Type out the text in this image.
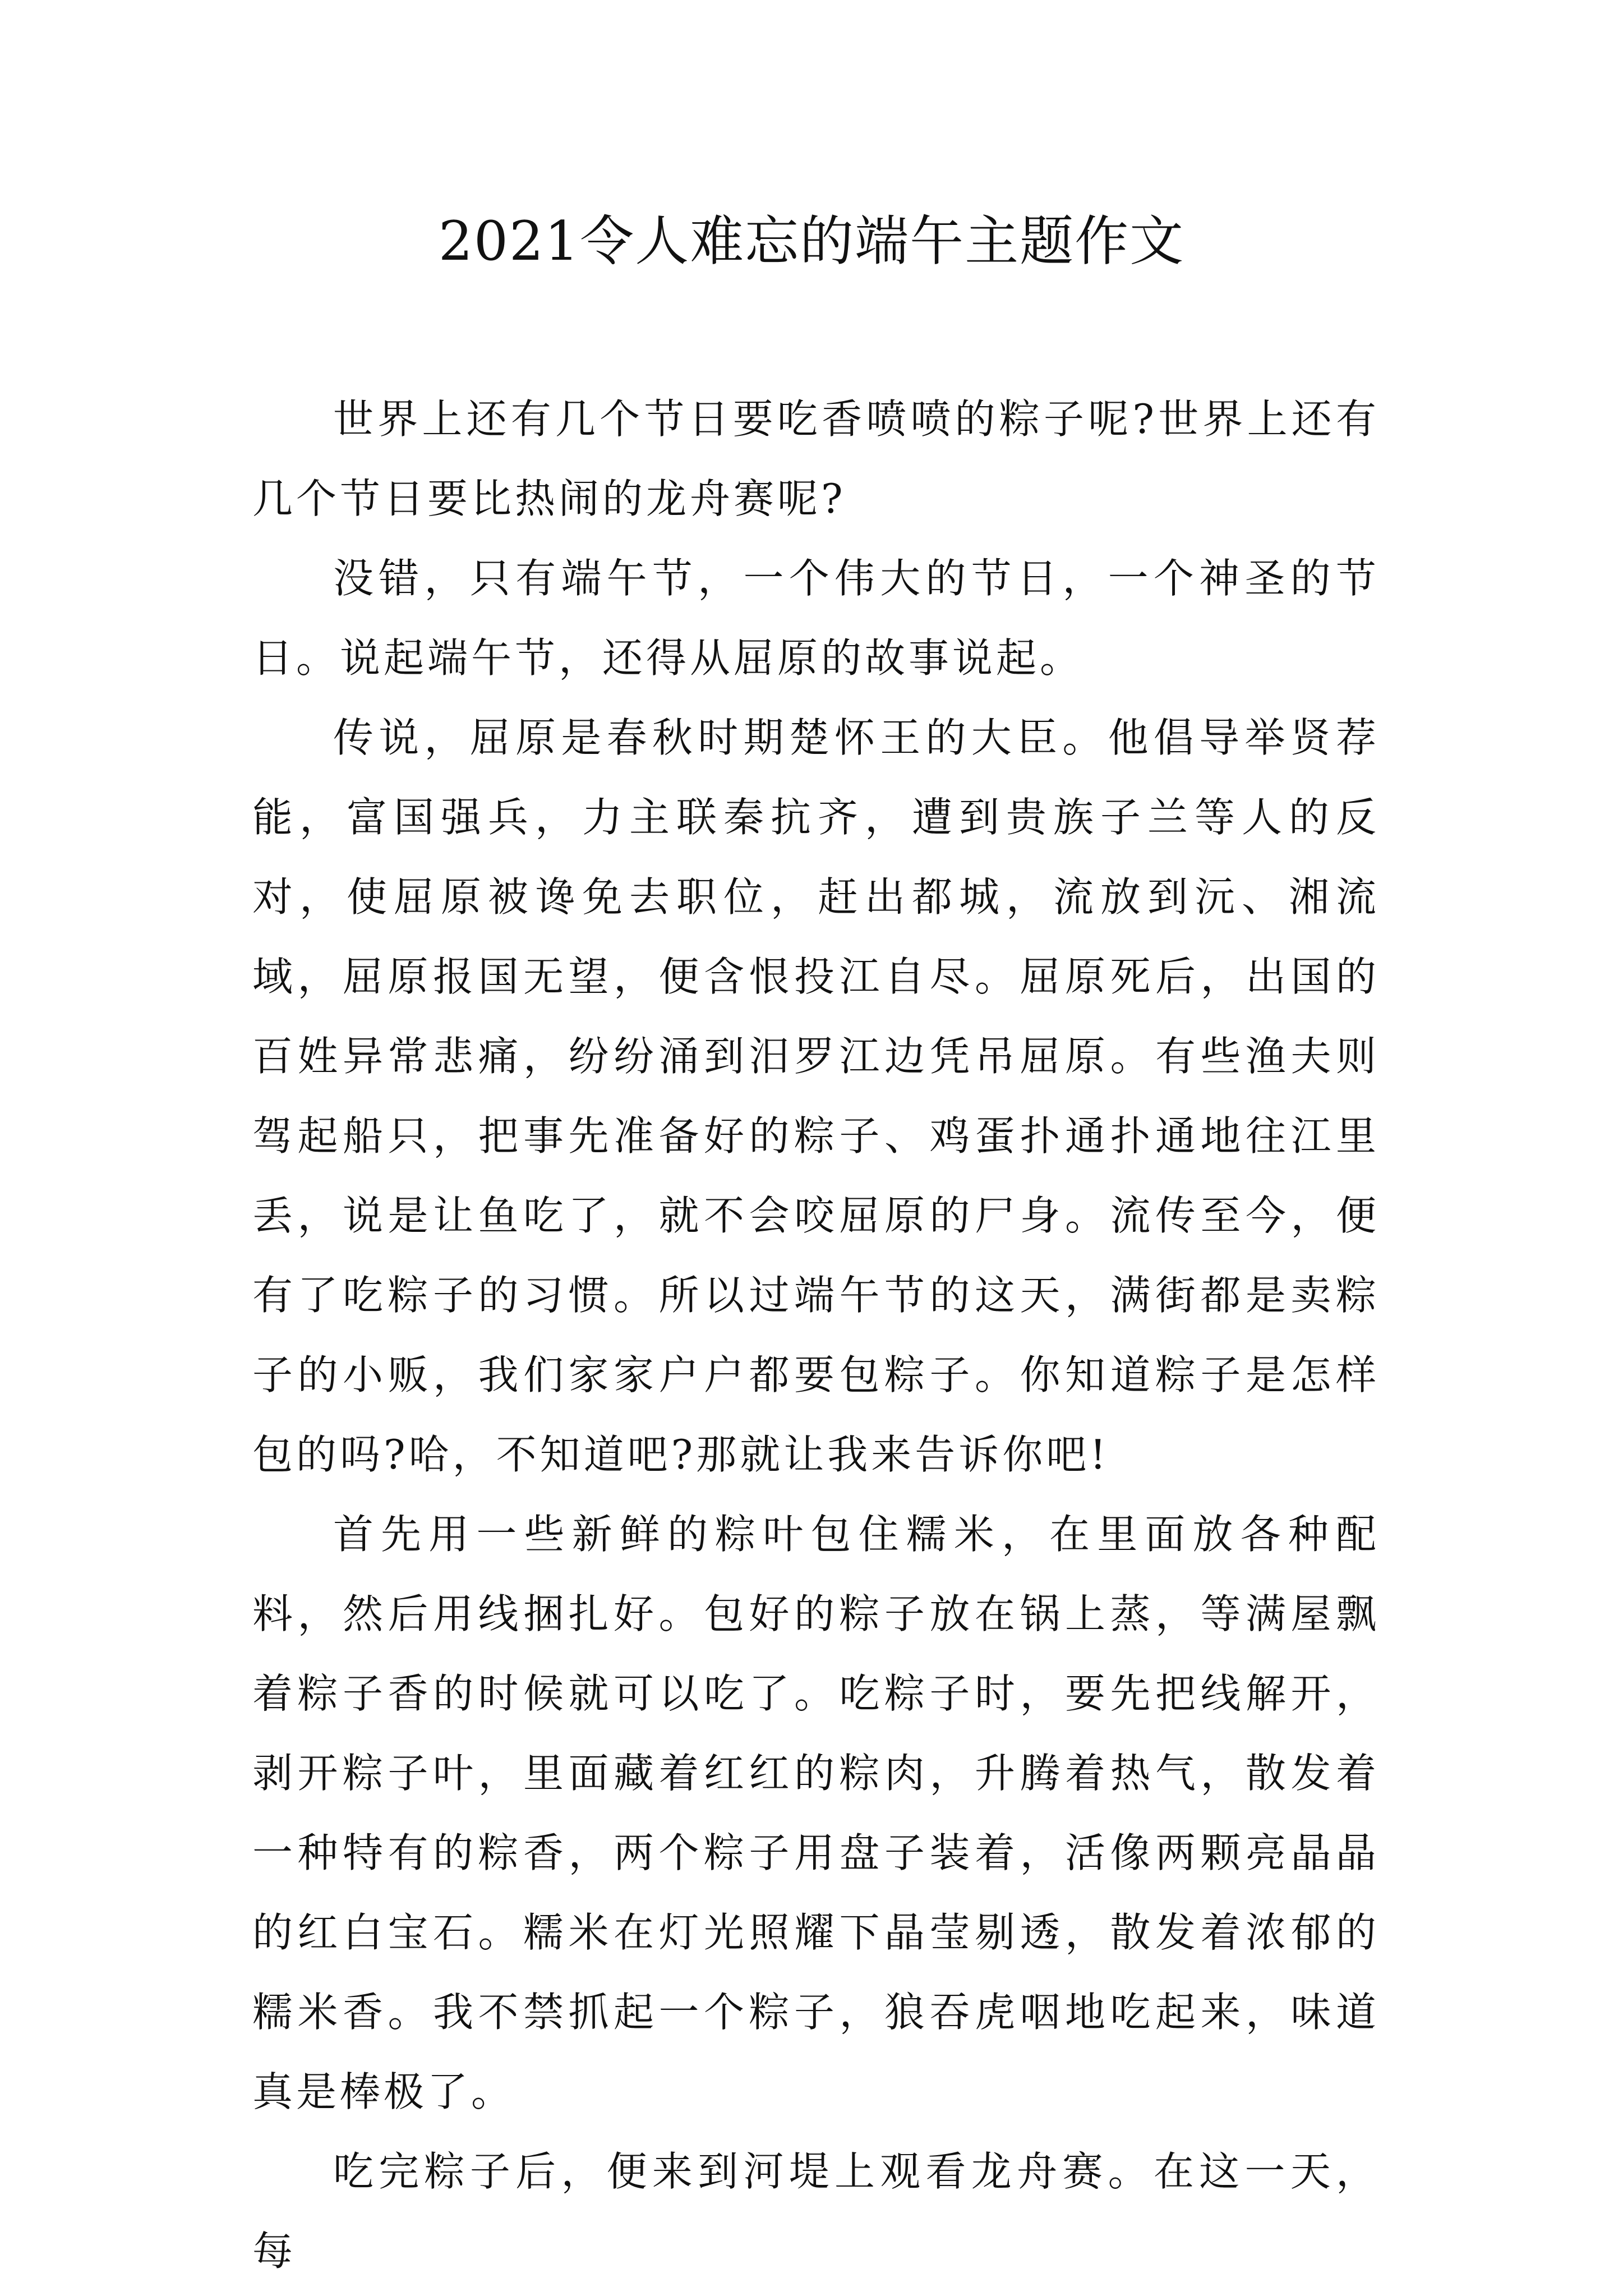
2021令人难忘的端午主题作文

世界上还有几个节日要吃香喷喷的粽子呢?世界上还有几个节日要比热闹的龙舟赛呢?

没错，只有端午节，一个伟大的节日，一个神圣的节日。说起端午节，还得从屈原的故事说起。

传说，屈原是春秋时期楚怀王的大臣。他倡导举贤荐能，富国强兵，力主联秦抗齐，遭到贵族子兰等人的反对，使屈原被谗免去职位，赶出都城，流放到沅、湘流域，屈原报国无望，便含恨投江自尽。屈原死后，出国的百姓异常悲痛，纷纷涌到汨罗江边凭吊屈原。有些渔夫则驾起船只，把事先准备好的粽子、鸡蛋扑通扑通地往江里丢，说是让鱼吃了，就不会咬屈原的尸身。流传至今，便有了吃粽子的习惯。所以过端午节的这天，满街都是卖粽子的小贩，我们家家户户都要包粽子。你知道粽子是怎样包的吗?哈，不知道吧?那就让我来告诉你吧!

首先用一些新鲜的粽叶包住糯米，在里面放各种配料，然后用线捆扎好。包好的粽子放在锅上蒸，等满屋飘着粽子香的时候就可以吃了。吃粽子时，要先把线解开，剥开粽子叶，里面藏着红红的粽肉，升腾着热气，散发着一种特有的粽香，两个粽子用盘子装着，活像两颗亮晶晶的红白宝石。糯米在灯光照耀下晶莹剔透，散发着浓郁的糯米香。我不禁抓起一个粽子，狼吞虎咽地吃起来，味道真是棒极了。

吃完粽子后，便来到河堤上观看龙舟赛。在这一天，每
